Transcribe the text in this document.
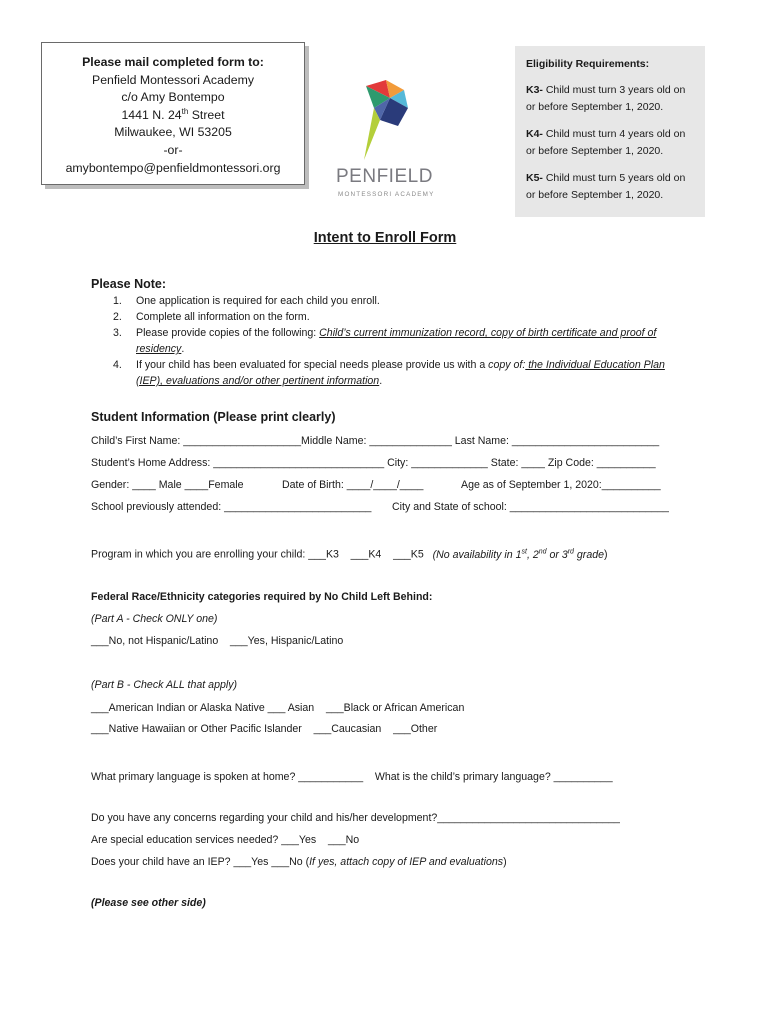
Please mail completed form to:
Penfield Montessori Academy
c/o Amy Bontempo
1441 N. 24th Street
Milwaukee, WI 53205
-or-
amybontempo@penfieldmontessori.org	PENFIELD
MONTESSORI ACADEMY
Eligibility Requirements:
K3- Child must turn 3 years old on or before September 1, 2020.
K4- Child must turn 4 years old on or before September 1, 2020.
K5- Child must turn 5 years old on or before September 1, 2020.
Intent to Enroll Form
Please Note:
1. One application is required for each child you enroll.
2. Complete all information on the form.
3. Please provide copies of the following: Child’s current immunization record, copy of birth certificate and proof of residency.
4. If your child has been evaluated for special needs please provide us with a copy of: the Individual Education Plan (IEP), evaluations and/or other pertinent information.
Student Information (Please print clearly)
Child’s First Name: ____________________Middle Name: ______________ Last Name: _________________________
Student’s Home Address: _____________________________ City: _____________ State: ____ Zip Code: __________
Gender: ____ Male ____Female	Date of Birth: ____/____/____	Age as of September 1, 2020:__________
School previously attended: _________________________ City and State of school: ___________________________
Program in which you are enrolling your child: ___K3    ___K4    ___K5   (No availability in 1st, 2nd or 3rd grade)
Federal Race/Ethnicity categories required by No Child Left Behind:
(Part A - Check ONLY one)
___No, not Hispanic/Latino    ___Yes, Hispanic/Latino
(Part B - Check ALL that apply)
___American Indian or Alaska Native ___ Asian    ___Black or African American
___Native Hawaiian or Other Pacific Islander    ___Caucasian    ___Other
What primary language is spoken at home? ___________    What is the child’s primary language? __________
Do you have any concerns regarding your child and his/her development?_______________________________
Are special education services needed? ___Yes    ___No
Does your child have an IEP? ___Yes ___No (If yes, attach copy of IEP and evaluations)
(Please see other side)
